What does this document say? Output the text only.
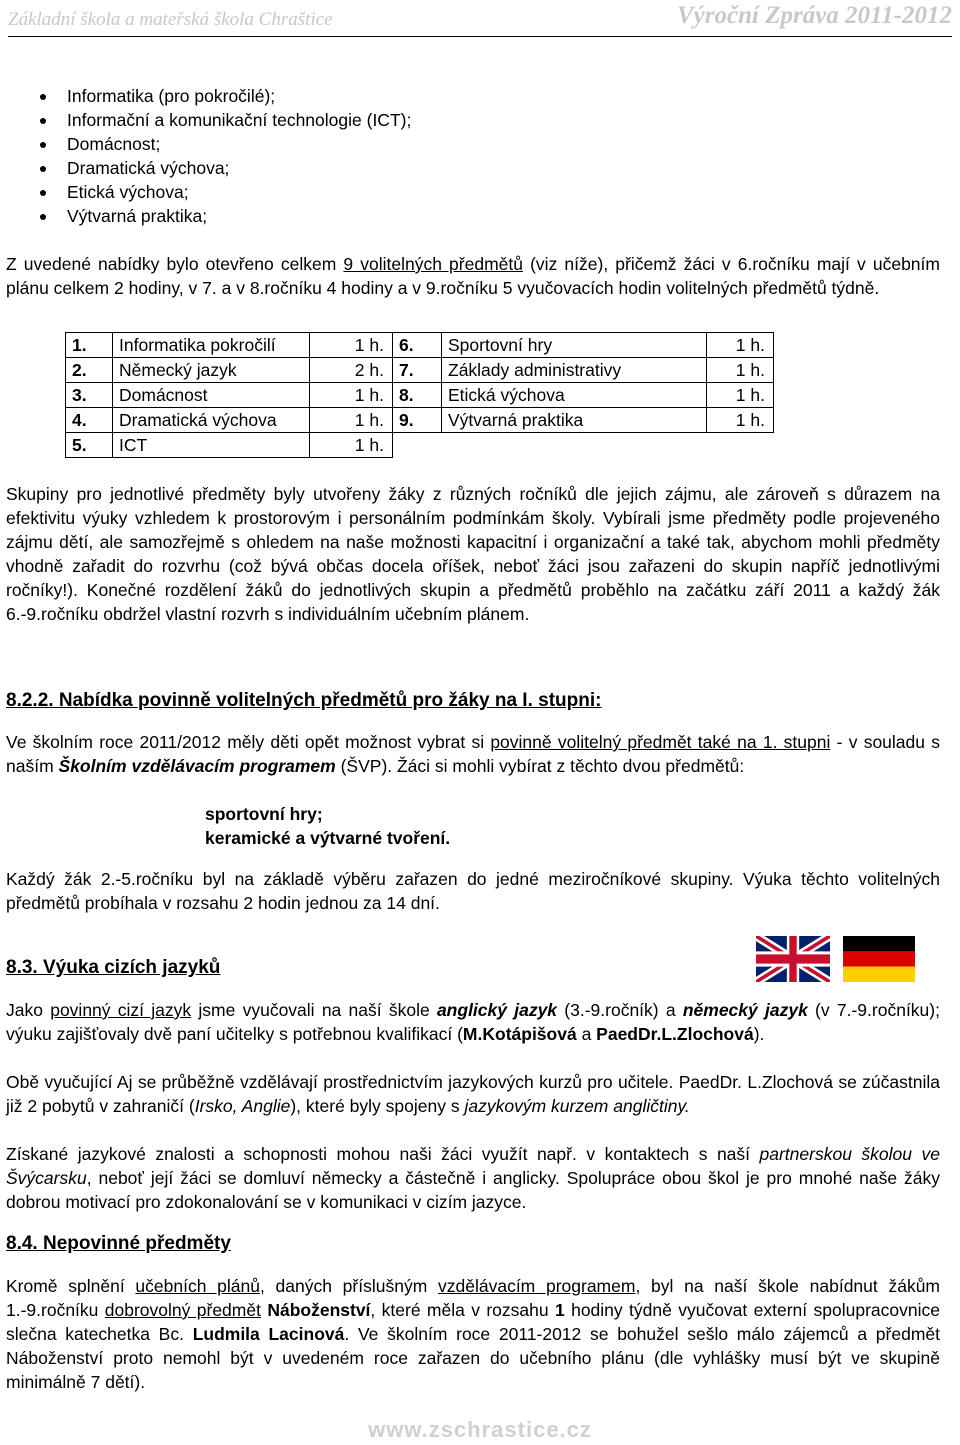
Základní škola a mateřská škola Chraštice	Výroční Zpráva 2011-2012
Informatika (pro pokročilé);
Informační a komunikační technologie (ICT);
Domácnost;
Dramatická výchova;
Etická výchova;
Výtvarná praktika;
Z uvedené nabídky bylo otevřeno celkem 9 volitelných předmětů (viz níže), přičemž žáci v 6.ročníku mají v učebním plánu celkem 2 hodiny, v 7. a v 8.ročníku 4 hodiny a v 9.ročníku 5 vyučovacích hodin volitelných předmětů týdně.
1.	Informatika pokročilí	1 h.	6.	Sportovní hry	1 h.
2.	Německý jazyk	2 h.	7.	Základy administrativy	1 h.
3.	Domácnost	1 h.	8.	Etická výchova	1 h.
4.	Dramatická výchova	1 h.	9.	Výtvarná praktika	1 h.
5.	ICT	1 h.			
Skupiny pro jednotlivé předměty byly utvořeny žáky z různých ročníků dle jejich zájmu, ale zároveň s důrazem na efektivitu výuky vzhledem k prostorovým i personálním podmínkám školy. Vybírali jsme předměty podle projeveného zájmu dětí, ale samozřejmě s ohledem na naše možnosti kapacitní i organizační a také tak, abychom mohli předměty vhodně zařadit do rozvrhu (což bývá občas docela oříšek, neboť žáci jsou zařazeni do skupin napříč jednotlivými ročníky!). Konečné rozdělení žáků do jednotlivých skupin a předmětů proběhlo na začátku září 2011 a každý žák 6.-9.ročníku obdržel vlastní rozvrh s individuálním učebním plánem.
8.2.2. Nabídka povinně volitelných předmětů pro žáky na I. stupni:
Ve školním roce 2011/2012 měly děti opět možnost vybrat si povinně volitelný předmět také na 1. stupni - v souladu s naším Školním vzdělávacím programem (ŠVP). Žáci si mohli vybírat z těchto dvou předmětů:
sportovní hry;
keramické a výtvarné tvoření.
Každý žák 2.-5.ročníku byl na základě výběru zařazen do jedné meziročníkové skupiny. Výuka těchto volitelných předmětů probíhala v rozsahu 2 hodin jednou za 14 dní.
8.3. Výuka cizích jazyků
Jako povinný cizí jazyk jsme vyučovali na naší škole anglický jazyk (3.-9.ročník) a německý jazyk (v 7.-9.ročníku); výuku zajišťovaly dvě paní učitelky s potřebnou kvalifikací (M.Kotápišová a PaedDr.L.Zlochová).
Obě vyučující Aj se průběžně vzdělávají prostřednictvím jazykových kurzů pro učitele. PaedDr. L.Zlochová se zúčastnila již 2 pobytů v zahraničí (Irsko, Anglie), které byly spojeny s jazykovým kurzem angličtiny.
Získané jazykové znalosti a schopnosti mohou naši žáci využít např. v kontaktech s naší partnerskou školou ve Švýcarsku, neboť její žáci se domluví německy a částečně i anglicky. Spolupráce obou škol je pro mnohé naše žáky dobrou motivací pro zdokonalování se v komunikaci v cizím jazyce.
8.4. Nepovinné předměty
Kromě splnění učebních plánů, daných příslušným vzdělávacím programem, byl na naší škole nabídnut žákům 1.-9.ročníku dobrovolný předmět Náboženství, které měla v rozsahu 1 hodiny týdně vyučovat externí spolupracovnice slečna katechetka Bc. Ludmila Lacinová. Ve školním roce 2011-2012 se bohužel sešlo málo zájemců a předmět Náboženství proto nemohl být v uvedeném roce zařazen do učebního plánu (dle vyhlášky musí být ve skupině minimálně 7 dětí).
www.zschrastice.cz
